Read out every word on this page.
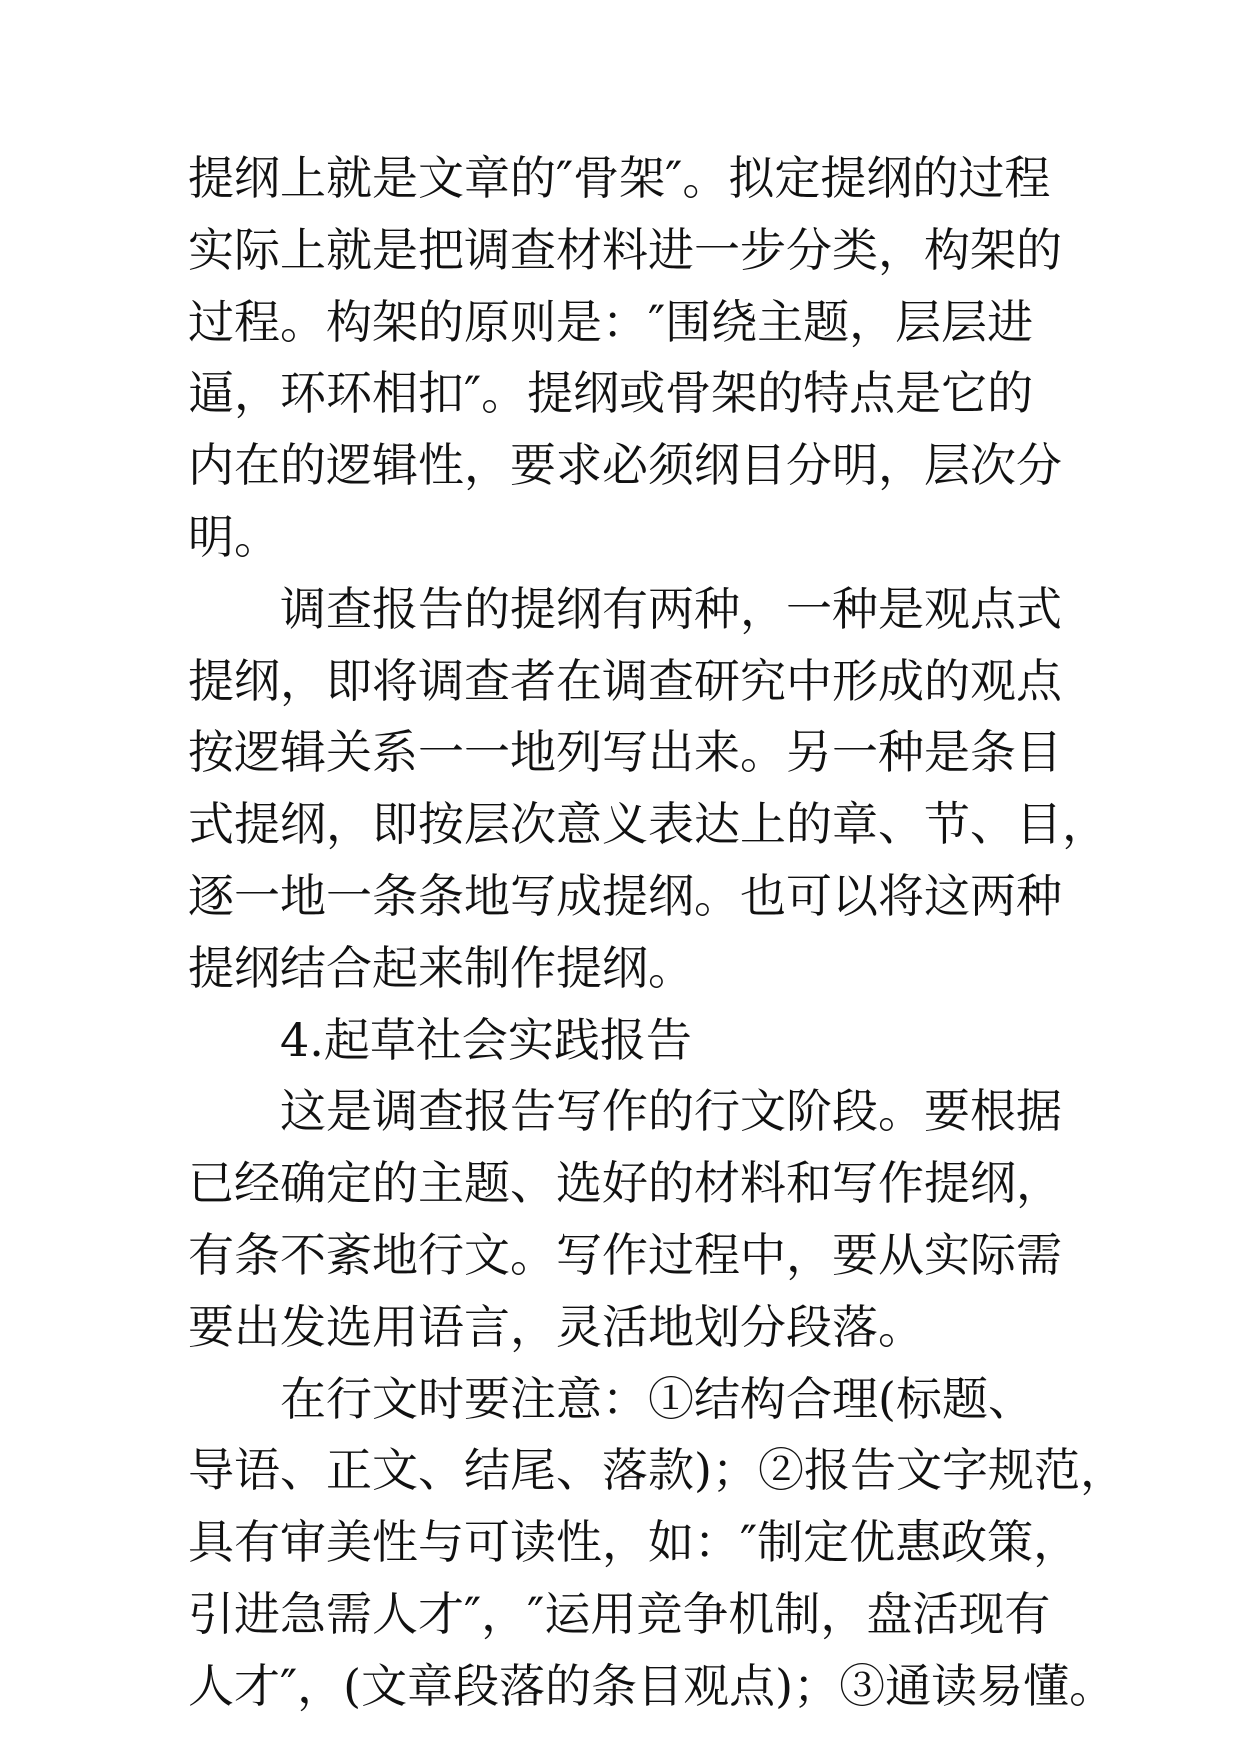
提纲上就是文章的″骨架″。拟定提纲的过程
实际上就是把调查材料进一步分类，构架的
过程。构架的原则是：″围绕主题，层层进
逼，环环相扣″。提纲或骨架的特点是它的
内在的逻辑性，要求必须纲目分明，层次分
明。
　　调查报告的提纲有两种，一种是观点式
提纲，即将调查者在调查研究中形成的观点
按逻辑关系一一地列写出来。另一种是条目
式提纲，即按层次意义表达上的章、节、目，
逐一地一条条地写成提纲。也可以将这两种
提纲结合起来制作提纲。
　　4.起草社会实践报告
　　这是调查报告写作的行文阶段。要根据
已经确定的主题、选好的材料和写作提纲，
有条不紊地行文。写作过程中，要从实际需
要出发选用语言，灵活地划分段落。
　　在行文时要注意：①结构合理(标题、
导语、正文、结尾、落款)；②报告文字规范，
具有审美性与可读性，如：″制定优惠政策，
引进急需人才″，″运用竞争机制，盘活现有
人才″，(文章段落的条目观点)；③通读易懂。
